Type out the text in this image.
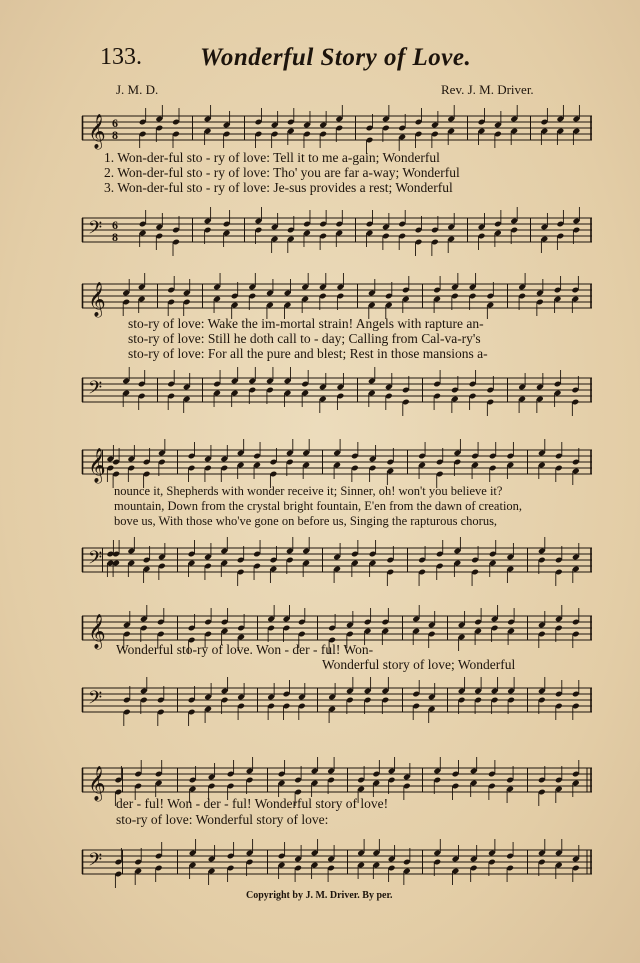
133. Wonderful Story of Love.
J. M. D.	Rev. J. M. Driver.
𝄞 6
8
1. Won-der-ful sto - ry of love: Tell it to me a-gain; Wonderful
2. Won-der-ful sto - ry of love: Tho' you are far a-way; Wonderful
3. Won-der-ful sto - ry of love: Je-sus provides a rest; Wonderful
𝄢 6
8
𝄞
sto-ry of love: Wake the im-mortal strain! Angels with rapture an-
sto-ry of love: Still he doth call to - day; Calling from Cal-va-ry's
sto-ry of love: For all the pure and blest; Rest in those mansions a-
𝄢
𝄞
nounce it, Shepherds with wonder receive it; Sinner, oh! won't you believe it?
mountain, Down from the crystal bright fountain, E'en from the dawn of creation,
bove us, With those who've gone on before us, Singing the rapturous chorus,
𝄢
𝄞
Wonderful sto-ry of love. Won - der - ful! Won-
Wonderful story of love; Wonderful
𝄢
𝄞
der - ful! Won - der - ful! Wonderful story of love!
sto-ry of love: Wonderful story of love:
𝄢
Copyright by J. M. Driver. By per.
